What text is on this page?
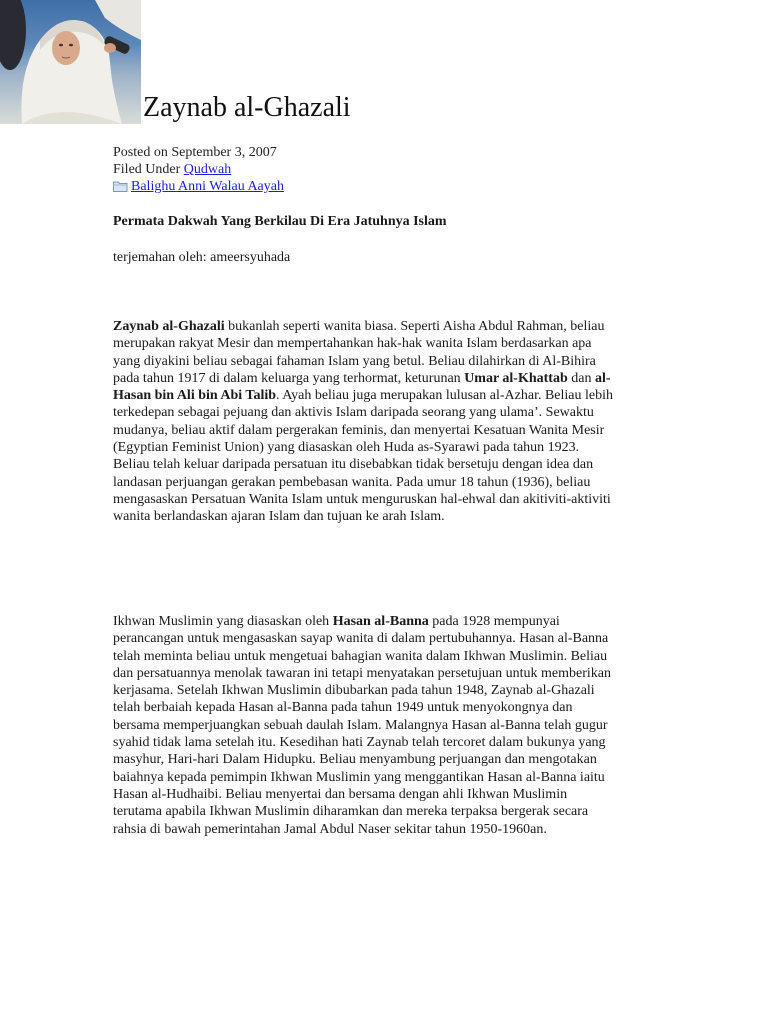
Zaynab al-Ghazali
Posted on September 3, 2007
Filed Under Qudwah
Balighu Anni Walau Aayah

Permata Dakwah Yang Berkilau Di Era Jatuhnya Islam

terjemahan oleh: ameersyuhada

Zaynab al-Ghazali bukanlah seperti wanita biasa. Seperti Aisha Abdul Rahman, beliau
merupakan rakyat Mesir dan mempertahankan hak-hak wanita Islam berdasarkan apa
yang diyakini beliau sebagai fahaman Islam yang betul. Beliau dilahirkan di Al-Bihira
pada tahun 1917 di dalam keluarga yang terhormat, keturunan Umar al-Khattab dan al-
Hasan bin Ali bin Abi Talib. Ayah beliau juga merupakan lulusan al-Azhar. Beliau lebih
terkedepan sebagai pejuang dan aktivis Islam daripada seorang yang ulama’. Sewaktu
mudanya, beliau aktif dalam pergerakan feminis, dan menyertai Kesatuan Wanita Mesir
(Egyptian Feminist Union) yang diasaskan oleh Huda as-Syarawi pada tahun 1923.
Beliau telah keluar daripada persatuan itu disebabkan tidak bersetuju dengan idea dan
landasan perjuangan gerakan pembebasan wanita. Pada umur 18 tahun (1936), beliau
mengasaskan Persatuan Wanita Islam untuk menguruskan hal-ehwal dan akitiviti-aktiviti
wanita berlandaskan ajaran Islam dan tujuan ke arah Islam.
Ikhwan Muslimin yang diasaskan oleh Hasan al-Banna pada 1928 mempunyai
perancangan untuk mengasaskan sayap wanita di dalam pertubuhannya. Hasan al-Banna
telah meminta beliau untuk mengetuai bahagian wanita dalam Ikhwan Muslimin. Beliau
dan persatuannya menolak tawaran ini tetapi menyatakan persetujuan untuk memberikan
kerjasama. Setelah Ikhwan Muslimin dibubarkan pada tahun 1948, Zaynab al-Ghazali
telah berbaiah kepada Hasan al-Banna pada tahun 1949 untuk menyokongnya dan
bersama memperjuangkan sebuah daulah Islam. Malangnya Hasan al-Banna telah gugur
syahid tidak lama setelah itu. Kesedihan hati Zaynab telah tercoret dalam bukunya yang
masyhur, Hari-hari Dalam Hidupku. Beliau menyambung perjuangan dan mengotakan
baiahnya kepada pemimpin Ikhwan Muslimin yang menggantikan Hasan al-Banna iaitu
Hasan al-Hudhaibi. Beliau menyertai dan bersama dengan ahli Ikhwan Muslimin
terutama apabila Ikhwan Muslimin diharamkan dan mereka terpaksa bergerak secara
rahsia di bawah pemerintahan Jamal Abdul Naser sekitar tahun 1950-1960an.
